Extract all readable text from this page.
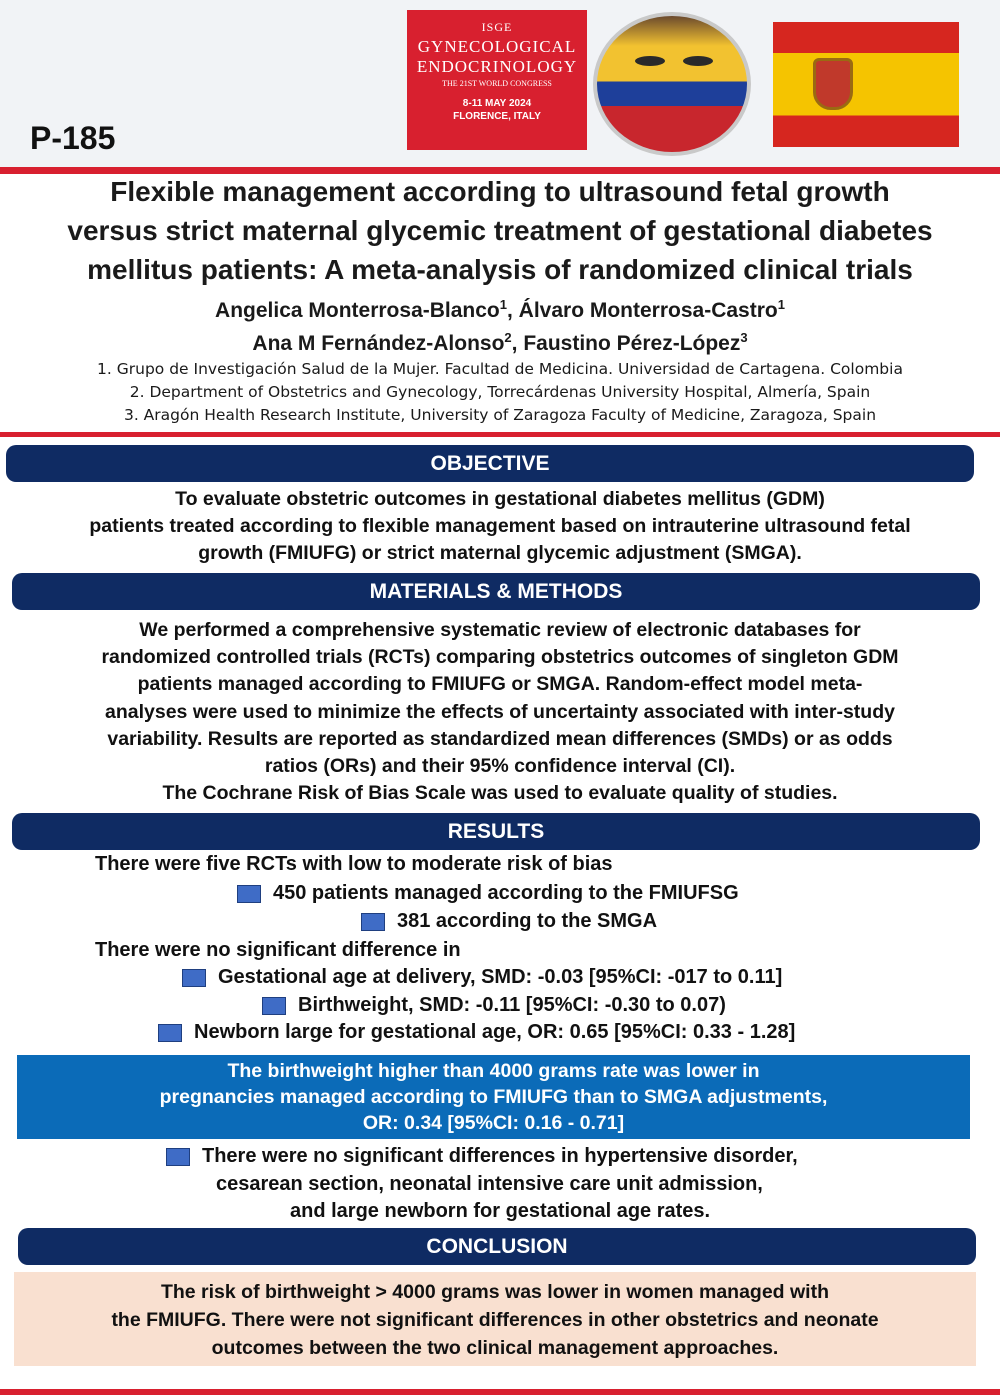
P-185
ISGE
GYNECOLOGICAL
ENDOCRINOLOGY
THE 21ST WORLD CONGRESS
8-11 MAY 2024
FLORENCE, ITALY
Flexible management according to ultrasound fetal growth
versus strict maternal glycemic treatment of gestational diabetes
mellitus patients: A meta-analysis of randomized clinical trials
Angelica Monterrosa-Blanco$^1$, Álvaro Monterrosa-Castro$^1$
Ana M Fernández-Alonso$^2$, Faustino Pérez-López$^3$
1. Grupo de Investigación Salud de la Mujer. Facultad de Medicina. Universidad de Cartagena. Colombia
2. Department of Obstetrics and Gynecology, Torrecárdenas University Hospital, Almería, Spain
3. Aragón Health Research Institute, University of Zaragoza Faculty of Medicine, Zaragoza, Spain
OBJECTIVE
To evaluate obstetric outcomes in gestational diabetes mellitus (GDM)
patients treated according to flexible management based on intrauterine ultrasound fetal
growth (FMIUFG) or strict maternal glycemic adjustment (SMGA).
MATERIALS & METHODS
We performed a comprehensive systematic review of electronic databases for
randomized controlled trials (RCTs) comparing obstetrics outcomes of singleton GDM
patients managed according to FMIUFG or SMGA. Random-effect model meta-
analyses were used to minimize the effects of uncertainty associated with inter-study
variability. Results are reported as standardized mean differences (SMDs) or as odds
ratios (ORs) and their 95% confidence interval (CI).
The Cochrane Risk of Bias Scale was used to evaluate quality of studies.
RESULTS
There were five RCTs with low to moderate risk of bias
450 patients managed according to the FMIUFSG
381 according to the SMGA
There were no significant difference in
Gestational age at delivery, SMD: -0.03 [95%CI: -017 to 0.11]
Birthweight, SMD: -0.11 [95%CI: -0.30 to 0.07)
Newborn large for gestational age, OR: 0.65 [95%CI: 0.33 - 1.28]
The birthweight higher than 4000 grams rate was lower in
pregnancies managed according to FMIUFG than to SMGA adjustments,
OR: 0.34 [95%CI: 0.16 - 0.71]
There were no significant differences in hypertensive disorder,
cesarean section, neonatal intensive care unit admission,
and large newborn for gestational age rates.
CONCLUSION
The risk of birthweight > 4000 grams was lower in women managed with
the FMIUFG. There were not significant differences in other obstetrics and neonate
outcomes between the two clinical management approaches.
